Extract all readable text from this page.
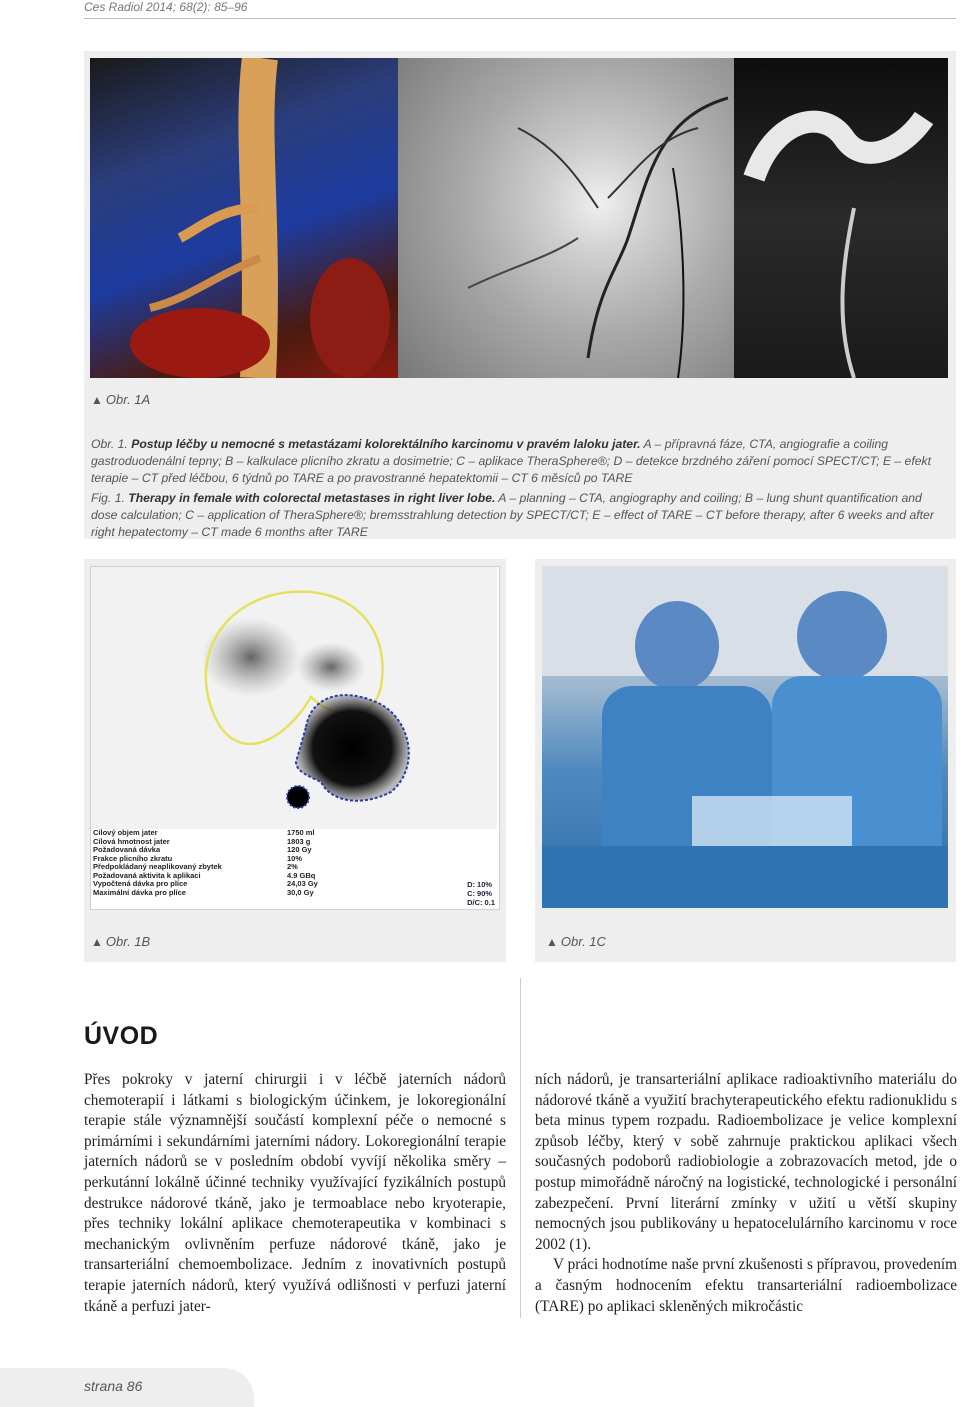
Ces Radiol 2014; 68(2): 85–96
▲ Obr. 1A

Obr. 1. Postup léčby u nemocné s metastázami kolorektálního karcinomu v pravém laloku jater. A – přípravná fáze, CTA, angiografie a coiling gastroduodenální tepny; B – kalkulace plicního zkratu a dosimetrie; C – aplikace TheraSphere®; D – detekce brzdného záření pomocí SPECT/CT; E – efekt terapie – CT před léčbou, 6 týdnů po TARE a po pravostranné hepatektomii – CT 6 měsíců po TARE

Fig. 1. Therapy in female with colorectal metastases in right liver lobe. A – planning – CTA, angiography and coiling; B – lung shunt quantification and dose calculation; C – application of TheraSphere®; bremsstrahlung detection by SPECT/CT; E – effect of TARE – CT before therapy, after 6 weeks and after right hepatectomy – CT made 6 months after TARE

Cílový objem jater	1750 ml
Cílová hmotnost jater	1803 g
Požadovaná dávka	120 Gy
Frakce plicního zkratu	10%
Předpokládaný neaplikovaný zbytek	2%
Požadovaná aktivita k aplikaci	4.9 GBq
Vypočtená dávka pro plíce	24,03 Gy
Maximální dávka pro plíce	30,0 Gy
D: 10%
C: 90%
D/C: 0.1
▲ Obr. 1B	▲ Obr. 1C
ÚVOD

Přes pokroky v jaterní chirurgii i v léčbě jaterních nádorů chemoterapií i látkami s biologickým účinkem, je lokoregionální terapie stále významnější součástí komplexní péče o nemocné s primárními i sekundárními jaterními nádory. Lokoregionální terapie jaterních nádorů se v posledním období vyvíjí několika směry – perkutánní lokálně účinné techniky využívající fyzikálních postupů destrukce nádorové tkáně, jako je termoablace nebo kryoterapie, přes techniky lokální aplikace chemoterapeutika v kombinaci s mechanickým ovlivněním perfuze nádorové tkáně, jako je transarteriální chemoembolizace. Jedním z inovativních postupů terapie jaterních nádorů, který využívá odlišnosti v perfuzi jaterní tkáně a perfuzi jater-

ních nádorů, je transarteriální aplikace radioaktivního materiálu do nádorové tkáně a využití brachyterapeutického efektu radionuklidu s beta minus typem rozpadu. Radioembolizace je velice komplexní způsob léčby, který v sobě zahrnuje praktickou aplikaci všech současných podoborů radiobiologie a zobrazovacích metod, jde o postup mimořádně náročný na logistické, technologické i personální zabezpečení. První literární zmínky v užití u větší skupiny nemocných jsou publikovány u hepatocelulárního karcinomu v roce 2002 (1).

V práci hodnotíme naše první zkušenosti s přípravou, provedením a časným hodnocením efektu transarteriální radioembolizace (TARE) po aplikaci skleněných mikročástic

strana 86
